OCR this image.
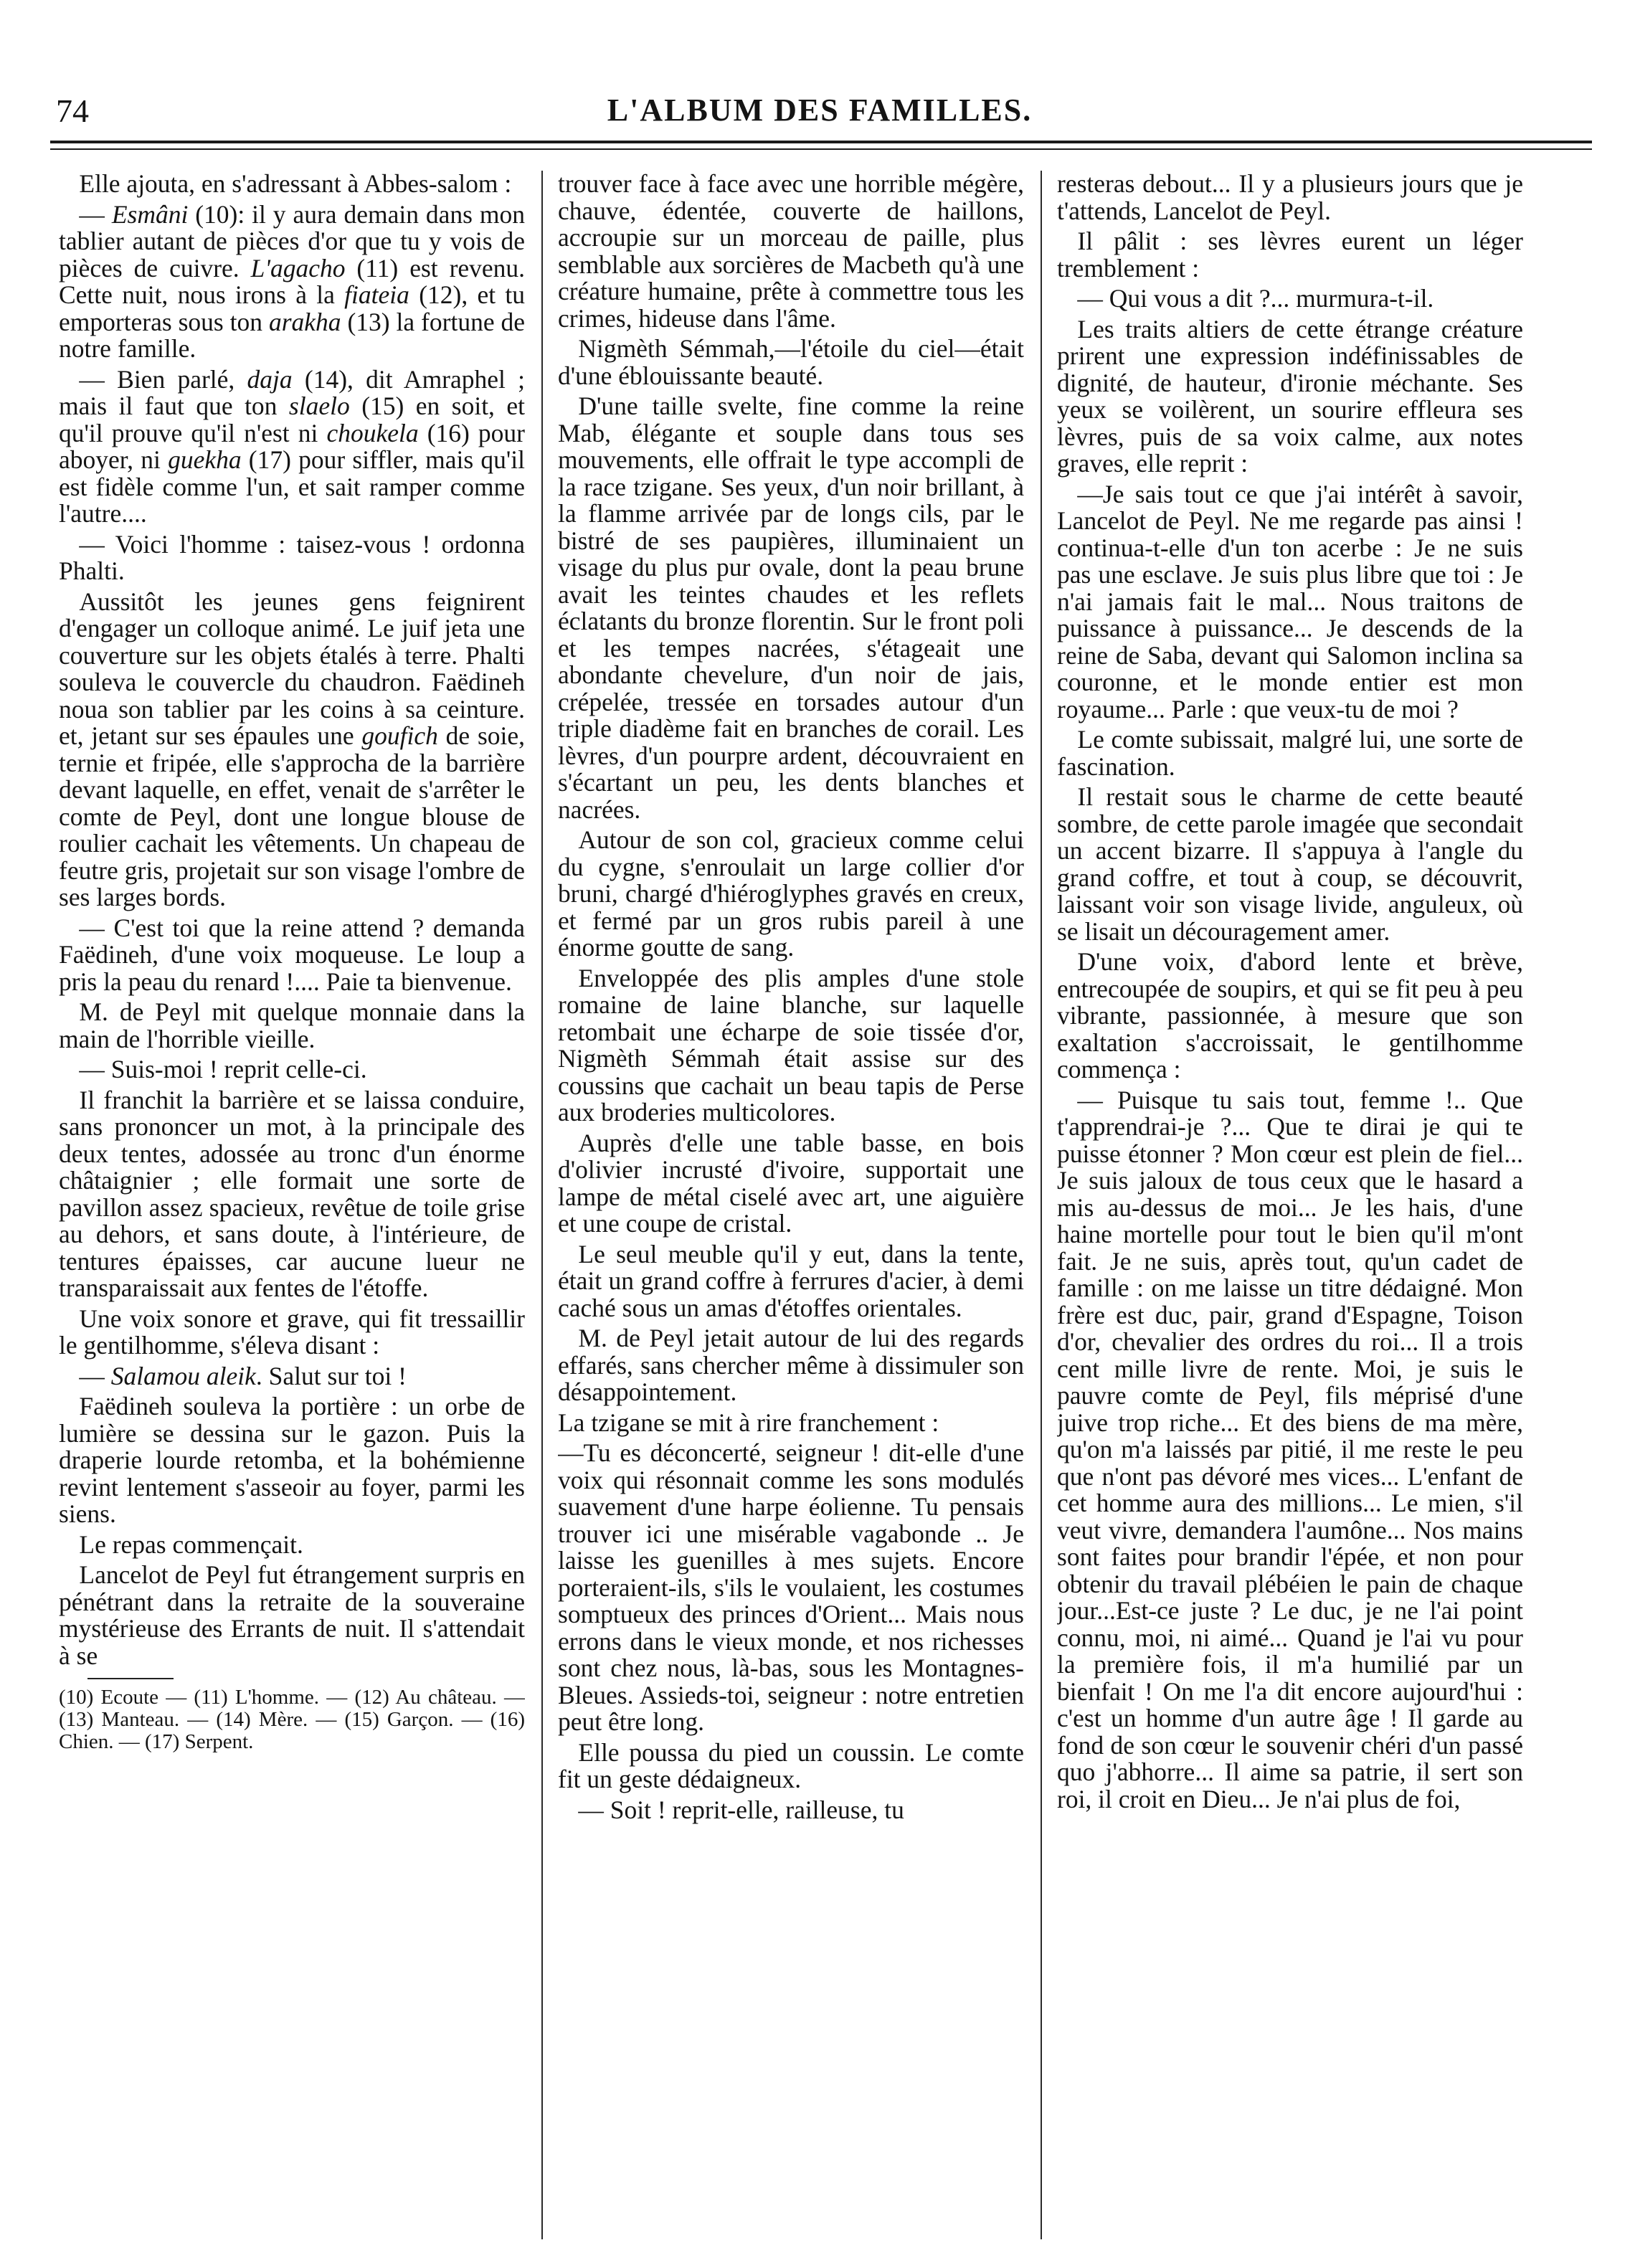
74	L'ALBUM DES FAMILLES.

Elle ajouta, en s'adressant à Abbes-salom :

— Esmâni (10): il y aura demain dans mon tablier autant de pièces d'or que tu y vois de pièces de cuivre. L'agacho (11) est revenu. Cette nuit, nous irons à la fiateia (12), et tu emporteras sous ton arakha (13) la fortune de notre famille.

— Bien parlé, daja (14), dit Amraphel ; mais il faut que ton slaelo (15) en soit, et qu'il prouve qu'il n'est ni choukela (16) pour aboyer, ni guekha (17) pour siffler, mais qu'il est fidèle comme l'un, et sait ramper comme l'autre....

— Voici l'homme : taisez-vous ! ordonna Phalti.

Aussitôt les jeunes gens feignirent d'engager un colloque animé. Le juif jeta une couverture sur les objets étalés à terre. Phalti souleva le couvercle du chaudron. Faëdineh noua son tablier par les coins à sa ceinture. et, jetant sur ses épaules une goufich de soie, ternie et fripée, elle s'approcha de la barrière devant laquelle, en effet, venait de s'arrêter le comte de Peyl, dont une longue blouse de roulier cachait les vêtements. Un chapeau de feutre gris, projetait sur son visage l'ombre de ses larges bords.

— C'est toi que la reine attend ? demanda Faëdineh, d'une voix moqueuse. Le loup a pris la peau du renard !.... Paie ta bienvenue.

M. de Peyl mit quelque monnaie dans la main de l'horrible vieille.

— Suis-moi ! reprit celle-ci.

Il franchit la barrière et se laissa conduire, sans prononcer un mot, à la principale des deux tentes, adossée au tronc d'un énorme châtaignier ; elle formait une sorte de pavillon assez spacieux, revêtue de toile grise au dehors, et sans doute, à l'intérieure, de tentures épaisses, car aucune lueur ne transparaissait aux fentes de l'étoffe.

Une voix sonore et grave, qui fit tressaillir le gentilhomme, s'éleva disant :

— Salamou aleik. Salut sur toi !

Faëdineh souleva la portière : un orbe de lumière se dessina sur le gazon. Puis la draperie lourde retomba, et la bohémienne revint lentement s'asseoir au foyer, parmi les siens.

Le repas commençait.

Lancelot de Peyl fut étrangement surpris en pénétrant dans la retraite de la souveraine mystérieuse des Errants de nuit. Il s'attendait à se

(10) Ecoute — (11) L'homme. — (12) Au château. — (13) Manteau. — (14) Mère. — (15) Garçon. — (16) Chien. — (17) Serpent.

trouver face à face avec une horrible mégère, chauve, édentée, couverte de haillons, accroupie sur un morceau de paille, plus semblable aux sorcières de Macbeth qu'à une créature humaine, prête à commettre tous les crimes, hideuse dans l'âme.

Nigmèth Sémmah,—l'étoile du ciel—était d'une éblouissante beauté.

D'une taille svelte, fine comme la reine Mab, élégante et souple dans tous ses mouvements, elle offrait le type accompli de la race tzigane. Ses yeux, d'un noir brillant, à la flamme arrivée par de longs cils, par le bistré de ses paupières, illuminaient un visage du plus pur ovale, dont la peau brune avait les teintes chaudes et les reflets éclatants du bronze florentin. Sur le front poli et les tempes nacrées, s'étageait une abondante chevelure, d'un noir de jais, crépelée, tressée en torsades autour d'un triple diadème fait en branches de corail. Les lèvres, d'un pourpre ardent, découvraient en s'écartant un peu, les dents blanches et nacrées.

Autour de son col, gracieux comme celui du cygne, s'enroulait un large collier d'or bruni, chargé d'hiéroglyphes gravés en creux, et fermé par un gros rubis pareil à une énorme goutte de sang.

Enveloppée des plis amples d'une stole romaine de laine blanche, sur laquelle retombait une écharpe de soie tissée d'or, Nigmèth Sémmah était assise sur des coussins que cachait un beau tapis de Perse aux broderies multicolores.

Auprès d'elle une table basse, en bois d'olivier incrusté d'ivoire, supportait une lampe de métal ciselé avec art, une aiguière et une coupe de cristal.

Le seul meuble qu'il y eut, dans la tente, était un grand coffre à ferrures d'acier, à demi caché sous un amas d'étoffes orientales.

M. de Peyl jetait autour de lui des regards effarés, sans chercher même à dissimuler son désappointement.

La tzigane se mit à rire franchement :

—Tu es déconcerté, seigneur ! dit-elle d'une voix qui résonnait comme les sons modulés suavement d'une harpe éolienne. Tu pensais trouver ici une misérable vagabonde .. Je laisse les guenilles à mes sujets. Encore porteraient-ils, s'ils le voulaient, les costumes somptueux des princes d'Orient... Mais nous errons dans le vieux monde, et nos richesses sont chez nous, là-bas, sous les Montagnes-Bleues. Assieds-toi, seigneur : notre entretien peut être long.

Elle poussa du pied un coussin. Le comte fit un geste dédaigneux.

— Soit ! reprit-elle, railleuse, tu

resteras debout... Il y a plusieurs jours que je t'attends, Lancelot de Peyl.

Il pâlit : ses lèvres eurent un léger tremblement :

— Qui vous a dit ?... murmura-t-il.

Les traits altiers de cette étrange créature prirent une expression indéfinissables de dignité, de hauteur, d'ironie méchante. Ses yeux se voilèrent, un sourire effleura ses lèvres, puis de sa voix calme, aux notes graves, elle reprit :

—Je sais tout ce que j'ai intérêt à savoir, Lancelot de Peyl. Ne me regarde pas ainsi ! continua-t-elle d'un ton acerbe : Je ne suis pas une esclave. Je suis plus libre que toi : Je n'ai jamais fait le mal... Nous traitons de puissance à puissance... Je descends de la reine de Saba, devant qui Salomon inclina sa couronne, et le monde entier est mon royaume... Parle : que veux-tu de moi ?

Le comte subissait, malgré lui, une sorte de fascination.

Il restait sous le charme de cette beauté sombre, de cette parole imagée que secondait un accent bizarre. Il s'appuya à l'angle du grand coffre, et tout à coup, se découvrit, laissant voir son visage livide, anguleux, où se lisait un découragement amer.

D'une voix, d'abord lente et brève, entrecoupée de soupirs, et qui se fit peu à peu vibrante, passionnée, à mesure que son exaltation s'accroissait, le gentilhomme commença :

— Puisque tu sais tout, femme !.. Que t'apprendrai-je ?... Que te dirai je qui te puisse étonner ? Mon cœur est plein de fiel... Je suis jaloux de tous ceux que le hasard a mis au-dessus de moi... Je les hais, d'une haine mortelle pour tout le bien qu'il m'ont fait. Je ne suis, après tout, qu'un cadet de famille : on me laisse un titre dédaigné. Mon frère est duc, pair, grand d'Espagne, Toison d'or, chevalier des ordres du roi... Il a trois cent mille livre de rente. Moi, je suis le pauvre comte de Peyl, fils méprisé d'une juive trop riche... Et des biens de ma mère, qu'on m'a laissés par pitié, il me reste le peu que n'ont pas dévoré mes vices... L'enfant de cet homme aura des millions... Le mien, s'il veut vivre, demandera l'aumône... Nos mains sont faites pour brandir l'épée, et non pour obtenir du travail plébéien le pain de chaque jour...Est-ce juste ? Le duc, je ne l'ai point connu, moi, ni aimé... Quand je l'ai vu pour la première fois, il m'a humilié par un bienfait ! On me l'a dit encore aujourd'hui : c'est un homme d'un autre âge ! Il garde au fond de son cœur le souvenir chéri d'un passé quo j'abhorre... Il aime sa patrie, il sert son roi, il croit en Dieu... Je n'ai plus de foi,
